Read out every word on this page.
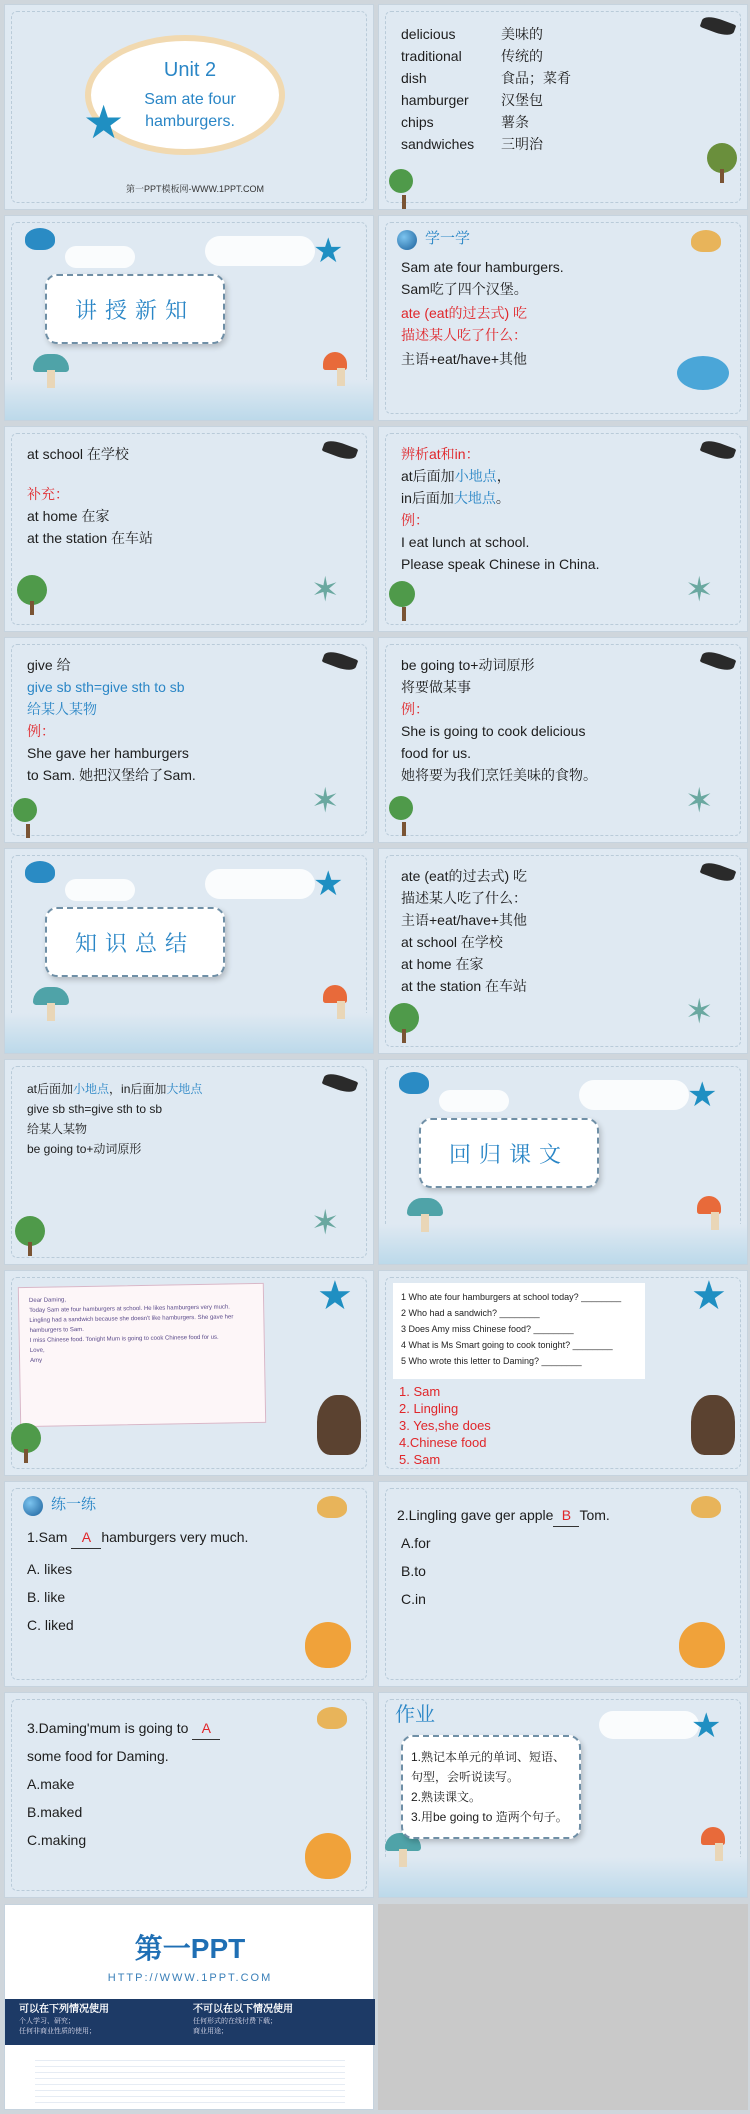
★
Unit 2
Sam ate four hamburgers.
第一PPT模板网-WWW.1PPT.COM
delicious	美味的
traditional	传统的
dish	食品；菜肴
hamburger 汉堡包
chips	薯条
sandwiches 三明治
★
讲授新知
学一学
Sam ate four hamburgers.
Sam吃了四个汉堡。
ate (eat的过去式) 吃
描述某人吃了什么：
主语+eat/have+其他
✶
at school 在学校
补充：
at home 在家
at the station 在车站
✶
辨析at和in：
at后面加小地点，
in后面加大地点。
例：
I eat lunch at school.
Please speak Chinese in China.
✶
give 给
give sb sth=give sth to sb
给某人某物
例：
She gave her hamburgers
to Sam. 她把汉堡给了Sam.
✶
be going to+动词原形
将要做某事
例：
She is going to cook delicious
food for us.
她将要为我们烹饪美味的食物。
★
知识总结
✶
ate (eat的过去式) 吃
描述某人吃了什么：
主语+eat/have+其他
at school 在学校
at home 在家
at the station 在车站
✶
at后面加小地点，in后面加大地点
give sb sth=give sth to sb
给某人某物
be going to+动词原形
★
回归课文
Dear Daming,
Today Sam ate four hamburgers at school. He likes hamburgers very much.
Lingling had a sandwich because she doesn't like hamburgers. She gave her
hamburgers to Sam.
I miss Chinese food. Tonight Mum is going to cook Chinese food for us.
Love,
Amy
★	1 Who ate four hamburgers at school today? ________
2 Who had a sandwich? ________
3 Does Amy miss Chinese food? ________
4 What is Ms Smart going to cook tonight? ________
5 Who wrote this letter to Daming? ________
1. Sam
2. Lingling
3. Yes,she does
4.Chinese food
5. Sam
★
练一练
1.Sam A hamburgers very much.
A. likes
B. like
C. liked
2.Lingling gave ger apple B Tom.
A.for
B.to
C.in
3.Daming'mum is going to A
some food for Daming.
A.make
B.maked
C.making
作业	★
1.熟记本单元的单词、短语、
句型，会听说读写。
2.熟读课文。
3.用be going to 造两个句子。
第一PPT
HTTP://WWW.1PPT.COM
可以在下列情况使用
个人学习、研究；
任何非商业性质的使用；
不可以在以下情况使用
任何形式的在线付费下载；
商业用途；
